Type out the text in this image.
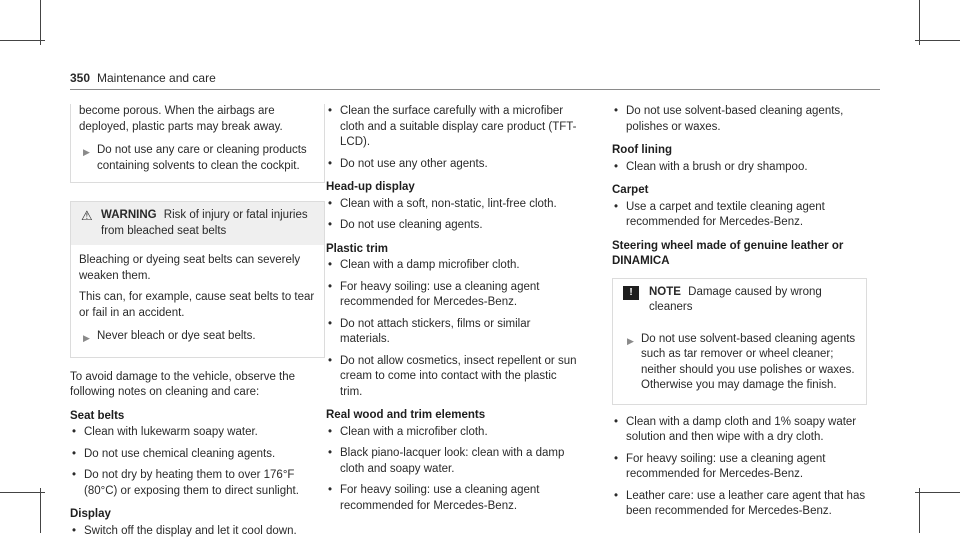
350 Maintenance and care

become porous. When the airbags are deployed, plastic parts may break away.

▶ Do not use any care or cleaning products containing solvents to clean the cockpit.
⚠ WARNING Risk of injury or fatal injuries from bleached seat belts

Bleaching or dyeing seat belts can severely weaken them.

This can, for example, cause seat belts to tear or fail in an accident.

▶ Never bleach or dye seat belts.

To avoid damage to the vehicle, observe the following notes on cleaning and care:

Seat belts
• Clean with lukewarm soapy water.
• Do not use chemical cleaning agents.
• Do not dry by heating them to over 176°F (80°C) or exposing them to direct sunlight.
Display
• Switch off the display and let it cool down.
• Clean the surface carefully with a microfiber cloth and a suitable display care product (TFT-LCD).
• Do not use any other agents.
Head-up display
• Clean with a soft, non-static, lint-free cloth.
• Do not use cleaning agents.
Plastic trim
• Clean with a damp microfiber cloth.
• For heavy soiling: use a cleaning agent recommended for Mercedes-Benz.
• Do not attach stickers, films or similar materials.
• Do not allow cosmetics, insect repellent or sun cream to come into contact with the plastic trim.
Real wood and trim elements
• Clean with a microfiber cloth.
• Black piano-lacquer look: clean with a damp cloth and soapy water.
• For heavy soiling: use a cleaning agent recommended for Mercedes-Benz.
• Do not use solvent-based cleaning agents, polishes or waxes.
Roof lining
• Clean with a brush or dry shampoo.
Carpet
• Use a carpet and textile cleaning agent recommended for Mercedes-Benz.
Steering wheel made of genuine leather or DINAMICA
!	NOTE Damage caused by wrong cleaners
▶ Do not use solvent-based cleaning agents such as tar remover or wheel cleaner; neither should you use polishes or waxes. Otherwise you may damage the finish.
• Clean with a damp cloth and 1% soapy water solution and then wipe with a dry cloth.
• For heavy soiling: use a cleaning agent recommended for Mercedes-Benz.
• Leather care: use a leather care agent that has been recommended for Mercedes-Benz.
